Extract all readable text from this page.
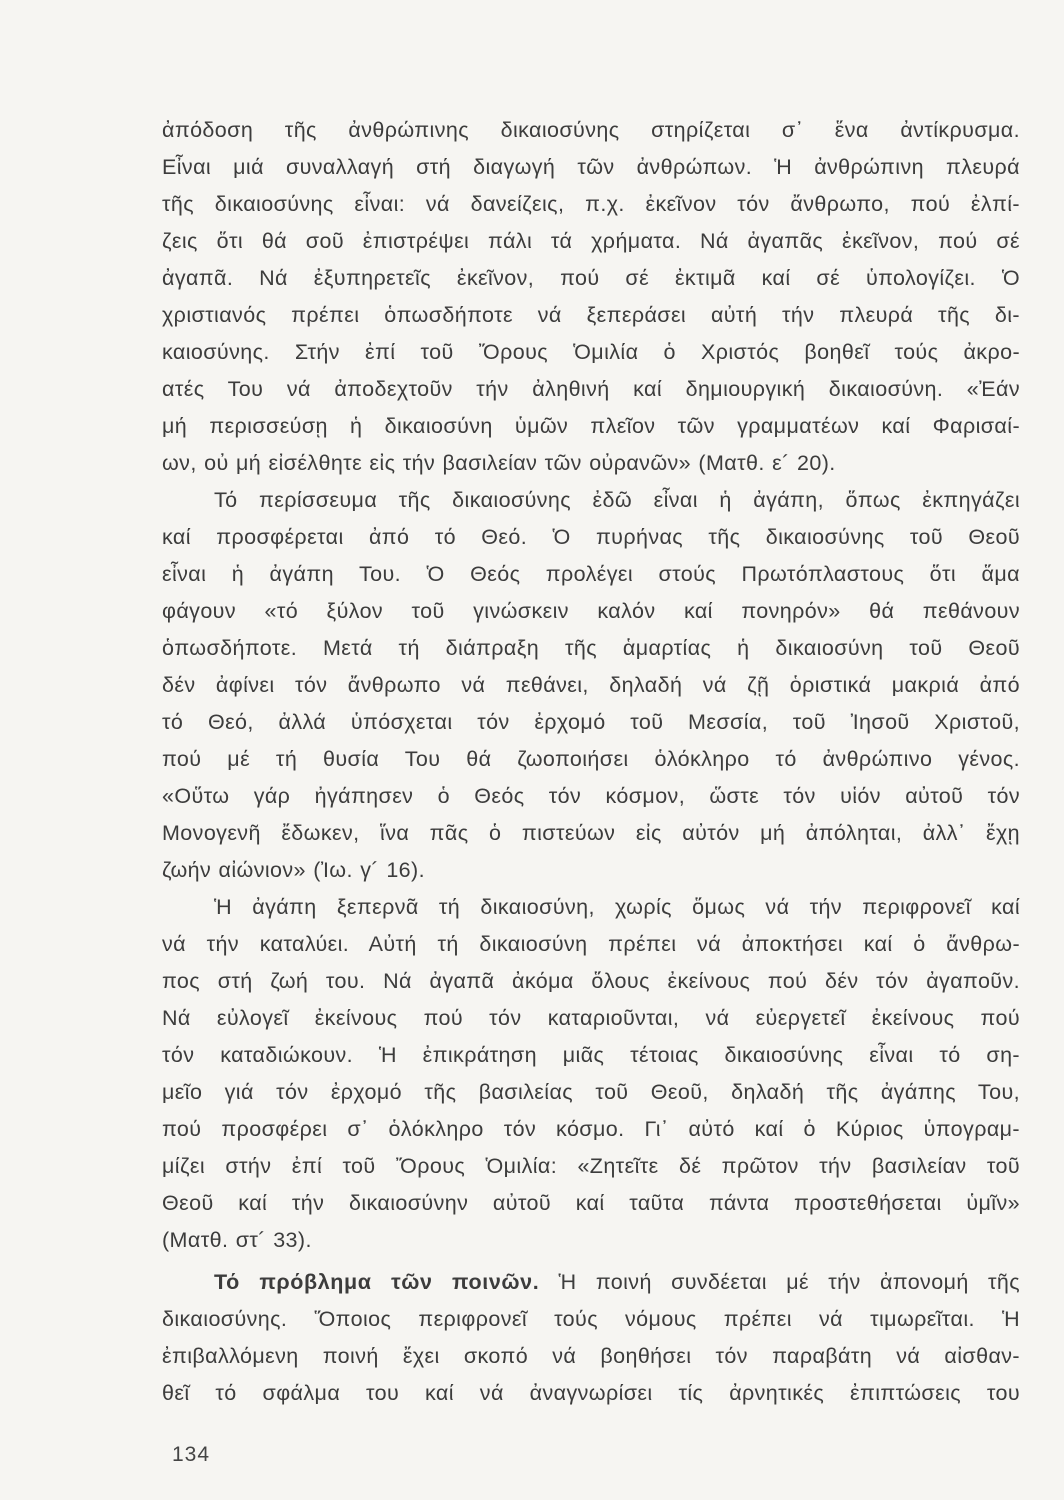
ἀπόδοση τῆς ἀνθρώπινης δικαιοσύνης στηρίζεται σ᾽ ἕνα ἀντίκρυσμα.
Εἶναι μιά συναλλαγή στή διαγωγή τῶν ἀνθρώπων. Ἡ ἀνθρώπινη πλευρά
τῆς δικαιοσύνης εἶναι: νά δανείζεις, π.χ. ἐκεῖνον τόν ἄνθρωπο, πού ἐλπί-
ζεις ὅτι θά σοῦ ἐπιστρέψει πάλι τά χρήματα. Νά ἀγαπᾶς ἐκεῖνον, πού σέ
ἀγαπᾶ. Νά ἐξυπηρετεῖς ἐκεῖνον, πού σέ ἐκτιμᾶ καί σέ ὑπολογίζει. Ὁ
χριστιανός πρέπει ὁπωσδήποτε νά ξεπεράσει αὐτή τήν πλευρά τῆς δι-
καιοσύνης. Στήν ἐπί τοῦ Ὄρους Ὁμιλία ὁ Χριστός βοηθεῖ τούς ἀκρο-
ατές Του νά ἀποδεχτοῦν τήν ἀληθινή καί δημιουργική δικαιοσύνη. «Ἐάν
μή περισσεύσῃ ἡ δικαιοσύνη ὑμῶν πλεῖον τῶν γραμματέων καί Φαρισαί-
ων, οὐ μή εἰσέλθητε εἰς τήν βασιλείαν τῶν οὐρανῶν» (Ματθ. ε´ 20).

Τό περίσσευμα τῆς δικαιοσύνης ἐδῶ εἶναι ἡ ἀγάπη, ὅπως ἐκπηγάζει
καί προσφέρεται ἀπό τό Θεό. Ὁ πυρήνας τῆς δικαιοσύνης τοῦ Θεοῦ
εἶναι ἡ ἀγάπη Του. Ὁ Θεός προλέγει στούς Πρωτόπλαστους ὅτι ἅμα
φάγουν «τό ξύλον τοῦ γινώσκειν καλόν καί πονηρόν» θά πεθάνουν
ὁπωσδήποτε. Μετά τή διάπραξη τῆς ἁμαρτίας ἡ δικαιοσύνη τοῦ Θεοῦ
δέν ἀφίνει τόν ἄνθρωπο νά πεθάνει, δηλαδή νά ζῇ ὁριστικά μακριά ἀπό
τό Θεό, ἀλλά ὑπόσχεται τόν ἐρχομό τοῦ Μεσσία, τοῦ Ἰησοῦ Χριστοῦ,
πού μέ τή θυσία Του θά ζωοποιήσει ὁλόκληρο τό ἀνθρώπινο γένος.
«Οὕτω γάρ ἠγάπησεν ὁ Θεός τόν κόσμον, ὥστε τόν υἱόν αὐτοῦ τόν
Μονογενῆ ἔδωκεν, ἵνα πᾶς ὁ πιστεύων εἰς αὐτόν μή ἀπόληται, ἀλλ᾽ ἔχῃ
ζωήν αἰώνιον» (Ἰω. γ´ 16).

Ἡ ἀγάπη ξεπερνᾶ τή δικαιοσύνη, χωρίς ὅμως νά τήν περιφρονεῖ καί
νά τήν καταλύει. Αὐτή τή δικαιοσύνη πρέπει νά ἀποκτήσει καί ὁ ἄνθρω-
πος στή ζωή του. Νά ἀγαπᾶ ἀκόμα ὅλους ἐκείνους πού δέν τόν ἀγαποῦν.
Νά εὐλογεῖ ἐκείνους πού τόν καταριοῦνται, νά εὐεργετεῖ ἐκείνους πού
τόν καταδιώκουν. Ἡ ἐπικράτηση μιᾶς τέτοιας δικαιοσύνης εἶναι τό ση-
μεῖο γιά τόν ἐρχομό τῆς βασιλείας τοῦ Θεοῦ, δηλαδή τῆς ἀγάπης Του,
πού προσφέρει σ᾽ ὁλόκληρο τόν κόσμο. Γι᾽ αὐτό καί ὁ Κύριος ὑπογραμ-
μίζει στήν ἐπί τοῦ Ὄρους Ὁμιλία: «Ζητεῖτε δέ πρῶτον τήν βασιλείαν τοῦ
Θεοῦ καί τήν δικαιοσύνην αὐτοῦ καί ταῦτα πάντα προστεθήσεται ὑμῖν»
(Ματθ. στ´ 33).

Τό πρόβλημα τῶν ποινῶν. Ἡ ποινή συνδέεται μέ τήν ἀπονομή τῆς
δικαιοσύνης. Ὅποιος περιφρονεῖ τούς νόμους πρέπει νά τιμωρεῖται. Ἡ
ἐπιβαλλόμενη ποινή ἔχει σκοπό νά βοηθήσει τόν παραβάτη νά αἰσθαν-
θεῖ τό σφάλμα του καί νά ἀναγνωρίσει τίς ἀρνητικές ἐπιπτώσεις του

134
